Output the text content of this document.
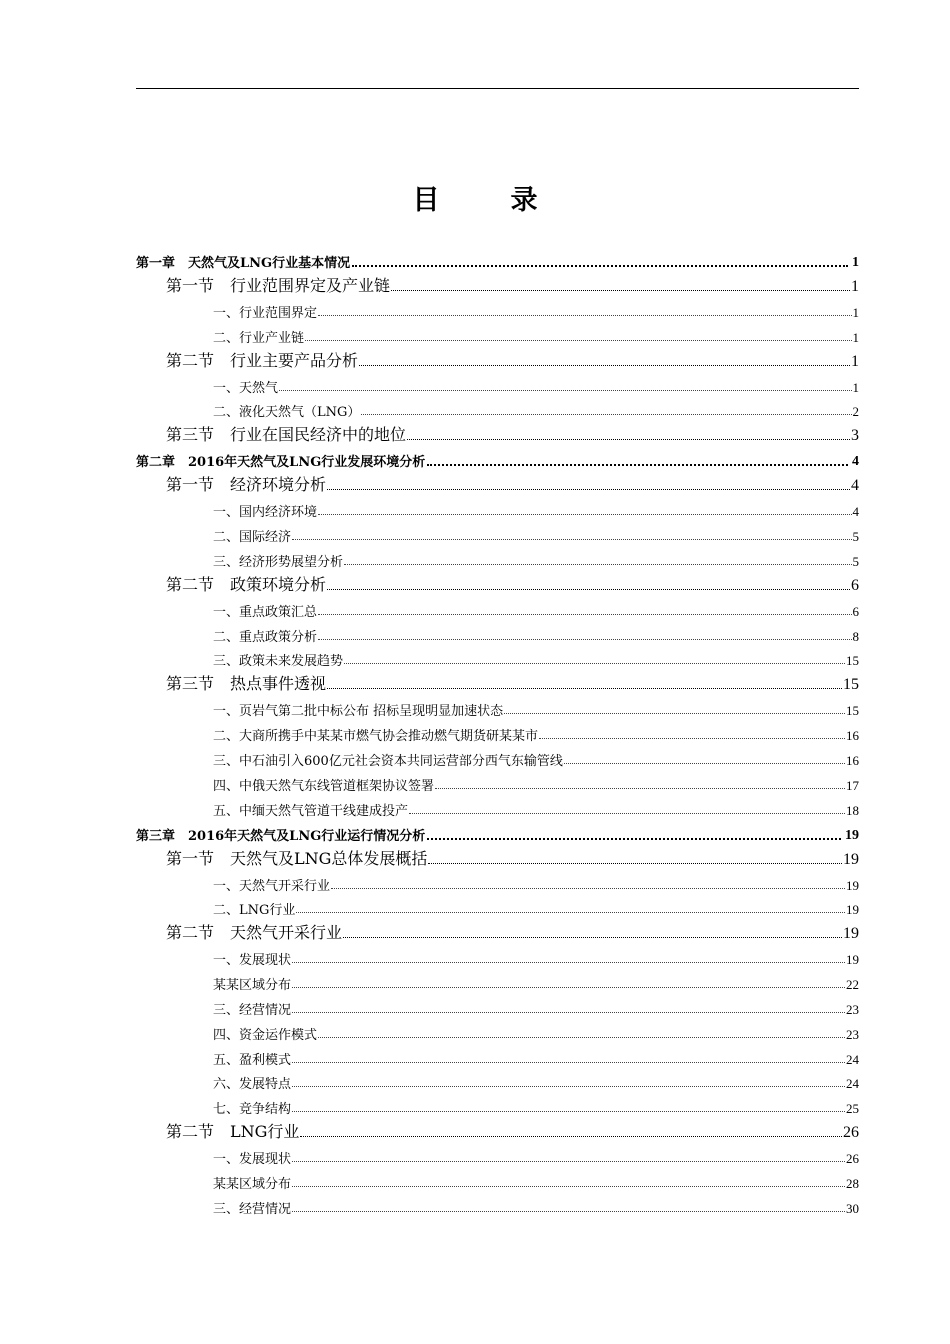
目　录
第一章　天然气及LNG行业基本情况	1
第一节　行业范围界定及产业链	1
一、行业范围界定	1
二、行业产业链	1
第二节　行业主要产品分析	1
一、天然气	1
二、液化天然气（LNG）	2
第三节　行业在国民经济中的地位	3
第二章　2016年天然气及LNG行业发展环境分析	4
第一节　经济环境分析	4
一、国内经济环境	4
二、国际经济	5
三、经济形势展望分析	5
第二节　政策环境分析	6
一、重点政策汇总	6
二、重点政策分析	8
三、政策未来发展趋势	15
第三节　热点事件透视	15
一、页岩气第二批中标公布 招标呈现明显加速状态	15
二、大商所携手中某某市燃气协会推动燃气期货研某某市	16
三、中石油引入600亿元社会资本共同运营部分西气东输管线	16
四、中俄天然气东线管道框架协议签署	17
五、中缅天然气管道干线建成投产	18
第三章　2016年天然气及LNG行业运行情况分析	19
第一节　天然气及LNG总体发展概括	19
一、天然气开采行业	19
二、LNG行业	19
第二节　天然气开采行业	19
一、发展现状	19
某某区域分布	22
三、经营情况	23
四、资金运作模式	23
五、盈利模式	24
六、发展特点	24
七、竞争结构	25
第二节　LNG行业	26
一、发展现状	26
某某区域分布	28
三、经营情况	30
